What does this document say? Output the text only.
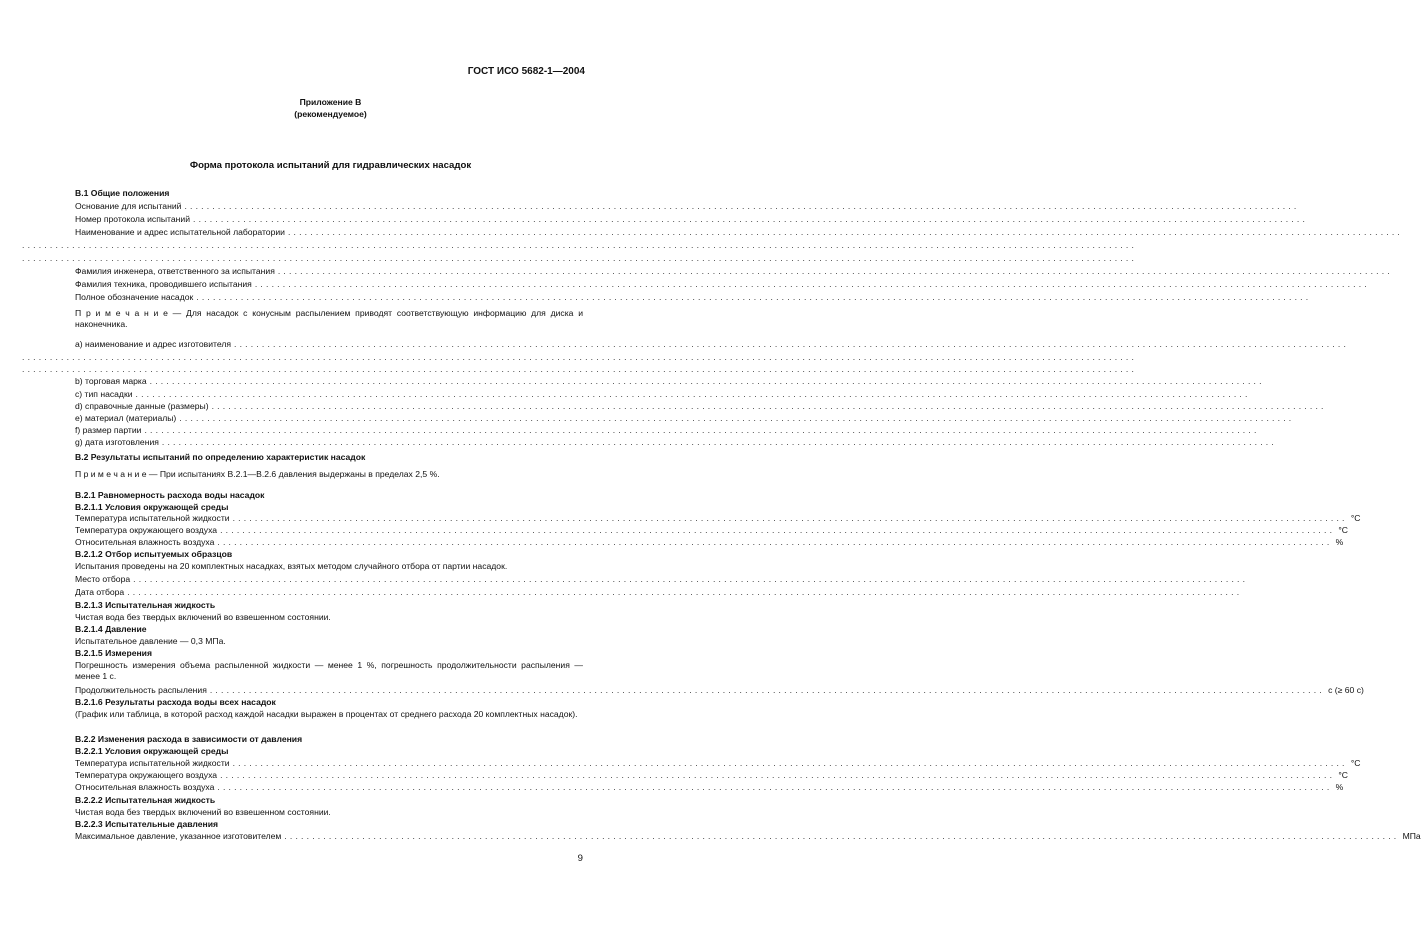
ГОСТ ИСО 5682-1—2004
Приложение В
(рекомендуемое)
Форма протокола испытаний для гидравлических насадок
В.1 Общие положения
Основание для испытаний . . . . . . . . . . . . . . . . . . . . . . . . . . . . . . . . . . . . . . . . . . . . . . . . . . . . . . . . . . . . . . . . . . . . . . . . . . . . . . . . . . . . . . . . . . . . . . . . . . . . . . . . . . . . . . . . . . . . . . . . . . . . . . . . . . . . . . . . . . . . . . . . . . . . . . . . . . . . . . . . . . . . . . . . . . . . . . . . . . . . . . . . . . . . . . . . . . . . . . . .
Номер протокола испытаний . . . . . . . . . . . . . . . . . . . . . . . . . . . . . . . . . . . . . . . . . . . . . . . . . . . . . . . . . . . . . . . . . . . . . . . . . . . . . . . . . . . . . . . . . . . . . . . . . . . . . . . . . . . . . . . . . . . . . . . . . . . . . . . . . . . . . . . . . . . . . . . . . . . . . . . . . . . . . . . . . . . . . . . . . . . . . . . . . . . . . . . . . . . . . . . . . . . . . . . .
Наименование и адрес испытательной лаборатории . . . . . . . . . . . . . . . . . . . . . . . . . . . . . . . . . . . . . . . . . . . . . . . . . . . . . . . . . . . . . . . . . . . . . . . . . . . . . . . . . . . . . . . . . . . . . . . . . . . . . . . . . . . . . . . . . . . . . . . . . . . . . . . . . . . . . . . . . . . . . . . . . . . . . . . . . . . . . . . . . . . . . . . . . . . . . . . . . . . . . . . . . . . . . . . . . . . . . . . .
. . . . . . . . . . . . . . . . . . . . . . . . . . . . . . . . . . . . . . . . . . . . . . . . . . . . . . . . . . . . . . . . . . . . . . . . . . . . . . . . . . . . . . . . . . . . . . . . . . . . . . . . . . . . . . . . . . . . . . . . . . . . . . . . . . . . . . . . . . . . . . . . . . . . . . . . . . . . . . . . . . . . . . . . . . . . . . . . . . . . . . . . . . . . . . . . . . . . . . . .
. . . . . . . . . . . . . . . . . . . . . . . . . . . . . . . . . . . . . . . . . . . . . . . . . . . . . . . . . . . . . . . . . . . . . . . . . . . . . . . . . . . . . . . . . . . . . . . . . . . . . . . . . . . . . . . . . . . . . . . . . . . . . . . . . . . . . . . . . . . . . . . . . . . . . . . . . . . . . . . . . . . . . . . . . . . . . . . . . . . . . . . . . . . . . . . . . . . . . . . .
Фамилия инженера, ответственного за испытания . . . . . . . . . . . . . . . . . . . . . . . . . . . . . . . . . . . . . . . . . . . . . . . . . . . . . . . . . . . . . . . . . . . . . . . . . . . . . . . . . . . . . . . . . . . . . . . . . . . . . . . . . . . . . . . . . . . . . . . . . . . . . . . . . . . . . . . . . . . . . . . . . . . . . . . . . . . . . . . . . . . . . . . . . . . . . . . . . . . . . . . . . . . . . . . . . . . . . . . .
Фамилия техника, проводившего испытания . . . . . . . . . . . . . . . . . . . . . . . . . . . . . . . . . . . . . . . . . . . . . . . . . . . . . . . . . . . . . . . . . . . . . . . . . . . . . . . . . . . . . . . . . . . . . . . . . . . . . . . . . . . . . . . . . . . . . . . . . . . . . . . . . . . . . . . . . . . . . . . . . . . . . . . . . . . . . . . . . . . . . . . . . . . . . . . . . . . . . . . . . . . . . . . . . . . . . . . .
Полное обозначение насадок . . . . . . . . . . . . . . . . . . . . . . . . . . . . . . . . . . . . . . . . . . . . . . . . . . . . . . . . . . . . . . . . . . . . . . . . . . . . . . . . . . . . . . . . . . . . . . . . . . . . . . . . . . . . . . . . . . . . . . . . . . . . . . . . . . . . . . . . . . . . . . . . . . . . . . . . . . . . . . . . . . . . . . . . . . . . . . . . . . . . . . . . . . . . . . . . . . . . . . . .
П р и м е ч а н и е — Для насадок с конусным распылением приводят соответствующую информацию для диска и наконечника.
а) наименование и адрес изготовителя . . . . . . . . . . . . . . . . . . . . . . . . . . . . . . . . . . . . . . . . . . . . . . . . . . . . . . . . . . . . . . . . . . . . . . . . . . . . . . . . . . . . . . . . . . . . . . . . . . . . . . . . . . . . . . . . . . . . . . . . . . . . . . . . . . . . . . . . . . . . . . . . . . . . . . . . . . . . . . . . . . . . . . . . . . . . . . . . . . . . . . . . . . . . . . . . . . . . . . . .
. . . . . . . . . . . . . . . . . . . . . . . . . . . . . . . . . . . . . . . . . . . . . . . . . . . . . . . . . . . . . . . . . . . . . . . . . . . . . . . . . . . . . . . . . . . . . . . . . . . . . . . . . . . . . . . . . . . . . . . . . . . . . . . . . . . . . . . . . . . . . . . . . . . . . . . . . . . . . . . . . . . . . . . . . . . . . . . . . . . . . . . . . . . . . . . . . . . . . . . .
. . . . . . . . . . . . . . . . . . . . . . . . . . . . . . . . . . . . . . . . . . . . . . . . . . . . . . . . . . . . . . . . . . . . . . . . . . . . . . . . . . . . . . . . . . . . . . . . . . . . . . . . . . . . . . . . . . . . . . . . . . . . . . . . . . . . . . . . . . . . . . . . . . . . . . . . . . . . . . . . . . . . . . . . . . . . . . . . . . . . . . . . . . . . . . . . . . . . . . . .
b) торговая марка . . . . . . . . . . . . . . . . . . . . . . . . . . . . . . . . . . . . . . . . . . . . . . . . . . . . . . . . . . . . . . . . . . . . . . . . . . . . . . . . . . . . . . . . . . . . . . . . . . . . . . . . . . . . . . . . . . . . . . . . . . . . . . . . . . . . . . . . . . . . . . . . . . . . . . . . . . . . . . . . . . . . . . . . . . . . . . . . . . . . . . . . . . . . . . . . . . . . . . . .
c) тип насадки . . . . . . . . . . . . . . . . . . . . . . . . . . . . . . . . . . . . . . . . . . . . . . . . . . . . . . . . . . . . . . . . . . . . . . . . . . . . . . . . . . . . . . . . . . . . . . . . . . . . . . . . . . . . . . . . . . . . . . . . . . . . . . . . . . . . . . . . . . . . . . . . . . . . . . . . . . . . . . . . . . . . . . . . . . . . . . . . . . . . . . . . . . . . . . . . . . . . . . . .
d) справочные данные (размеры) . . . . . . . . . . . . . . . . . . . . . . . . . . . . . . . . . . . . . . . . . . . . . . . . . . . . . . . . . . . . . . . . . . . . . . . . . . . . . . . . . . . . . . . . . . . . . . . . . . . . . . . . . . . . . . . . . . . . . . . . . . . . . . . . . . . . . . . . . . . . . . . . . . . . . . . . . . . . . . . . . . . . . . . . . . . . . . . . . . . . . . . . . . . . . . . . . . . . . . . .
e) материал (материалы) . . . . . . . . . . . . . . . . . . . . . . . . . . . . . . . . . . . . . . . . . . . . . . . . . . . . . . . . . . . . . . . . . . . . . . . . . . . . . . . . . . . . . . . . . . . . . . . . . . . . . . . . . . . . . . . . . . . . . . . . . . . . . . . . . . . . . . . . . . . . . . . . . . . . . . . . . . . . . . . . . . . . . . . . . . . . . . . . . . . . . . . . . . . . . . . . . . . . . . . .
f) размер партии . . . . . . . . . . . . . . . . . . . . . . . . . . . . . . . . . . . . . . . . . . . . . . . . . . . . . . . . . . . . . . . . . . . . . . . . . . . . . . . . . . . . . . . . . . . . . . . . . . . . . . . . . . . . . . . . . . . . . . . . . . . . . . . . . . . . . . . . . . . . . . . . . . . . . . . . . . . . . . . . . . . . . . . . . . . . . . . . . . . . . . . . . . . . . . . . . . . . . . . .
g) дата изготовления . . . . . . . . . . . . . . . . . . . . . . . . . . . . . . . . . . . . . . . . . . . . . . . . . . . . . . . . . . . . . . . . . . . . . . . . . . . . . . . . . . . . . . . . . . . . . . . . . . . . . . . . . . . . . . . . . . . . . . . . . . . . . . . . . . . . . . . . . . . . . . . . . . . . . . . . . . . . . . . . . . . . . . . . . . . . . . . . . . . . . . . . . . . . . . . . . . . . . . . .
В.2 Результаты испытаний по определению характеристик насадок
П р и м е ч а н и е — При испытаниях В.2.1—В.2.6 давления выдержаны в пределах 2,5 %.
В.2.1 Равномерность расхода воды насадок
В.2.1.1 Условия окружающей среды
Температура испытательной жидкости . . . . . . . . . . . . . . . . . . . . . . . . . . . . . . . . . . . . . . . . . . . . . . . . . . . . . . . . . . . . . . . . . . . . . . . . . . . . . . . . . . . . . . . . . . . . . . . . . . . . . . . . . . . . . . . . . . . . . . . . . . . . . . . . . . . . . . . . . . . . . . . . . . . . . . . . . . . . . . . . . . . . . . . . . . . . . . . . . . . . . . . . . . . . . . . . . . . . . . . . °С
Температура окружающего воздуха . . . . . . . . . . . . . . . . . . . . . . . . . . . . . . . . . . . . . . . . . . . . . . . . . . . . . . . . . . . . . . . . . . . . . . . . . . . . . . . . . . . . . . . . . . . . . . . . . . . . . . . . . . . . . . . . . . . . . . . . . . . . . . . . . . . . . . . . . . . . . . . . . . . . . . . . . . . . . . . . . . . . . . . . . . . . . . . . . . . . . . . . . . . . . . . . . . . . . . . . °С
Относительная влажность воздуха . . . . . . . . . . . . . . . . . . . . . . . . . . . . . . . . . . . . . . . . . . . . . . . . . . . . . . . . . . . . . . . . . . . . . . . . . . . . . . . . . . . . . . . . . . . . . . . . . . . . . . . . . . . . . . . . . . . . . . . . . . . . . . . . . . . . . . . . . . . . . . . . . . . . . . . . . . . . . . . . . . . . . . . . . . . . . . . . . . . . . . . . . . . . . . . . . . . . . . . . %
В.2.1.2 Отбор испытуемых образцов
Испытания проведены на 20 комплектных насадках, взятых методом случайного отбора от партии насадок.
Место отбора . . . . . . . . . . . . . . . . . . . . . . . . . . . . . . . . . . . . . . . . . . . . . . . . . . . . . . . . . . . . . . . . . . . . . . . . . . . . . . . . . . . . . . . . . . . . . . . . . . . . . . . . . . . . . . . . . . . . . . . . . . . . . . . . . . . . . . . . . . . . . . . . . . . . . . . . . . . . . . . . . . . . . . . . . . . . . . . . . . . . . . . . . . . . . . . . . . . . . . . .
Дата отбора . . . . . . . . . . . . . . . . . . . . . . . . . . . . . . . . . . . . . . . . . . . . . . . . . . . . . . . . . . . . . . . . . . . . . . . . . . . . . . . . . . . . . . . . . . . . . . . . . . . . . . . . . . . . . . . . . . . . . . . . . . . . . . . . . . . . . . . . . . . . . . . . . . . . . . . . . . . . . . . . . . . . . . . . . . . . . . . . . . . . . . . . . . . . . . . . . . . . . . . .
В.2.1.3 Испытательная жидкость
Чистая вода без твердых включений во взвешенном состоянии.
В.2.1.4 Давление
Испытательное давление — 0,3 МПа.
В.2.1.5 Измерения
Погрешность измерения объема распыленной жидкости — менее 1 %, погрешность продолжительности распыления — менее 1 с.
Продолжительность распыления . . . . . . . . . . . . . . . . . . . . . . . . . . . . . . . . . . . . . . . . . . . . . . . . . . . . . . . . . . . . . . . . . . . . . . . . . . . . . . . . . . . . . . . . . . . . . . . . . . . . . . . . . . . . . . . . . . . . . . . . . . . . . . . . . . . . . . . . . . . . . . . . . . . . . . . . . . . . . . . . . . . . . . . . . . . . . . . . . . . . . . . . . . . . . . . . . . . . . . . . с (≥ 60 с)
В.2.1.6 Результаты расхода воды всех насадок
(График или таблица, в которой расход каждой насадки выражен в процентах от среднего расхода 20 комплектных насадок).
В.2.2 Изменения расхода в зависимости от давления
В.2.2.1 Условия окружающей среды
Температура испытательной жидкости . . . . . . . . . . . . . . . . . . . . . . . . . . . . . . . . . . . . . . . . . . . . . . . . . . . . . . . . . . . . . . . . . . . . . . . . . . . . . . . . . . . . . . . . . . . . . . . . . . . . . . . . . . . . . . . . . . . . . . . . . . . . . . . . . . . . . . . . . . . . . . . . . . . . . . . . . . . . . . . . . . . . . . . . . . . . . . . . . . . . . . . . . . . . . . . . . . . . . . . . °С
Температура окружающего воздуха . . . . . . . . . . . . . . . . . . . . . . . . . . . . . . . . . . . . . . . . . . . . . . . . . . . . . . . . . . . . . . . . . . . . . . . . . . . . . . . . . . . . . . . . . . . . . . . . . . . . . . . . . . . . . . . . . . . . . . . . . . . . . . . . . . . . . . . . . . . . . . . . . . . . . . . . . . . . . . . . . . . . . . . . . . . . . . . . . . . . . . . . . . . . . . . . . . . . . . . . °С
Относительная влажность воздуха . . . . . . . . . . . . . . . . . . . . . . . . . . . . . . . . . . . . . . . . . . . . . . . . . . . . . . . . . . . . . . . . . . . . . . . . . . . . . . . . . . . . . . . . . . . . . . . . . . . . . . . . . . . . . . . . . . . . . . . . . . . . . . . . . . . . . . . . . . . . . . . . . . . . . . . . . . . . . . . . . . . . . . . . . . . . . . . . . . . . . . . . . . . . . . . . . . . . . . . . %
В.2.2.2 Испытательная жидкость
Чистая вода без твердых включений во взвешенном состоянии.
В.2.2.3 Испытательные давления
Максимальное давление, указанное изготовителем . . . . . . . . . . . . . . . . . . . . . . . . . . . . . . . . . . . . . . . . . . . . . . . . . . . . . . . . . . . . . . . . . . . . . . . . . . . . . . . . . . . . . . . . . . . . . . . . . . . . . . . . . . . . . . . . . . . . . . . . . . . . . . . . . . . . . . . . . . . . . . . . . . . . . . . . . . . . . . . . . . . . . . . . . . . . . . . . . . . . . . . . . . . . . . . . . . . . . . . . МПа
9
